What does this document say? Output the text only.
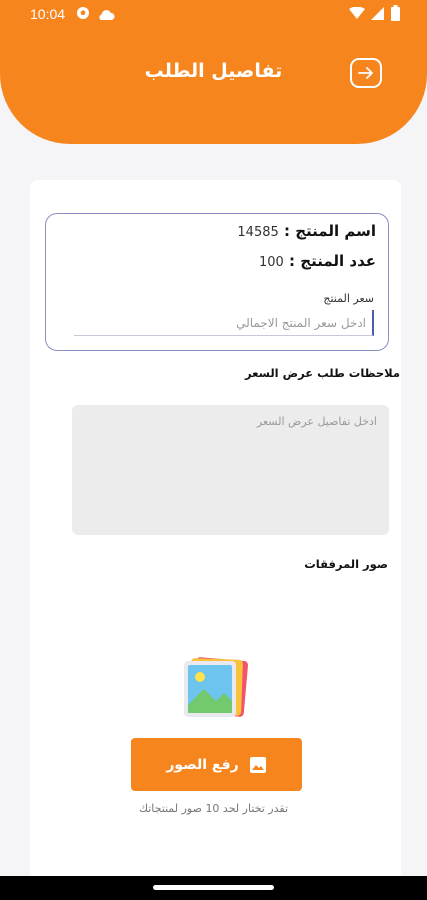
10:04
تفاصيل الطلب
اسم المنتج : 14585
عدد المنتج : 100
سعر المنتج
ادخل سعر المنتج الاجمالي
ملاحظات طلب عرض السعر
ادخل تفاصيل عرض السعر
صور المرفقات
رفع الصور
تقدر تختار لحد 10 صور لمنتجاتك
